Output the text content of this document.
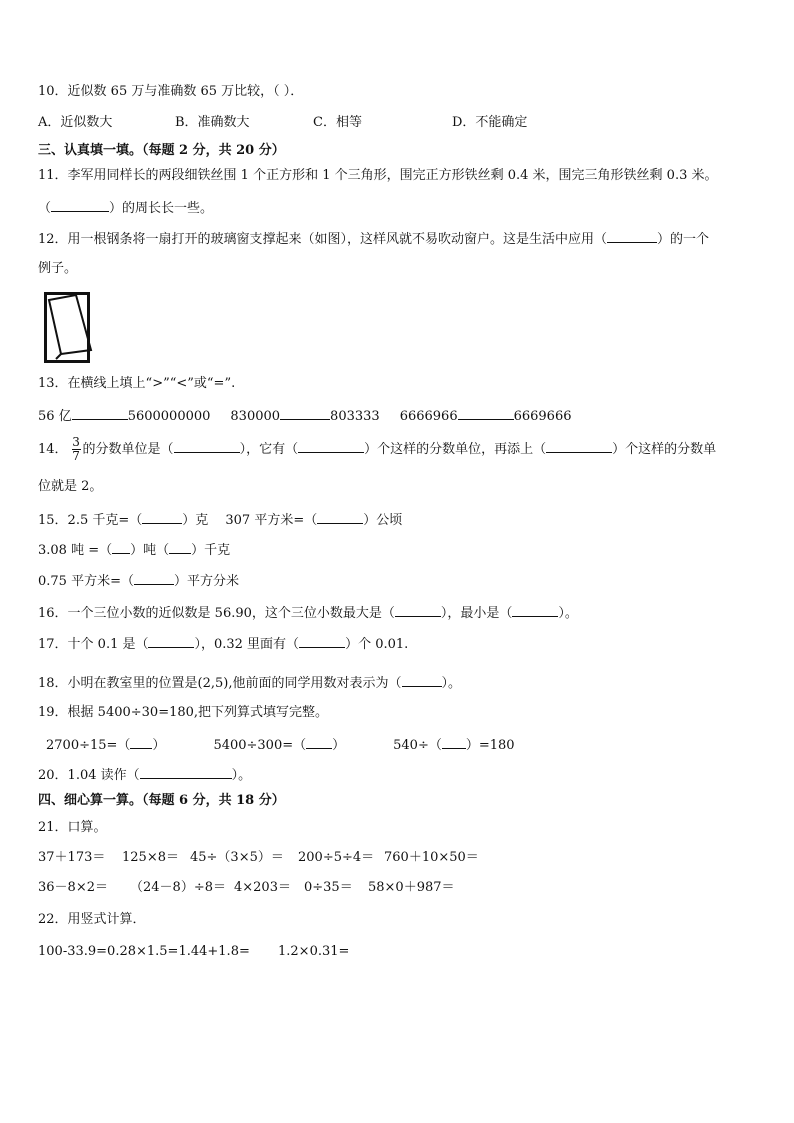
10．近似数 65 万与准确数 65 万比较，（ ）．
A．近似数大	B．准确数大	C．相等	D．不能确定
三、认真填一填。（每题 2 分，共 20 分）
11．李军用同样长的两段细铁丝围 1 个正方形和 1 个三角形，围完正方形铁丝剩 0.4 米，围完三角形铁丝剩 0.3 米。
（	）的周长长一些。
12．用一根钢条将一扇打开的玻璃窗支撑起来（如图），这样风就不易吹动窗户。这是生活中应用（	）的一个
例子。
13．在横线上填上“>”“<”或“=”.
56 亿	5600000000 830000	803333 6666966	6669666
14． $\frac{3}{7}$ 的分数单位是（	），它有（	）个这样的分数单位，再添上（	）个这样的分数单
位就是 2。
15．2.5 千克=（	）克　 307 平方米=（	）公顷
3.08 吨 =（ ）吨（ ）千克
0.75 平方米=（	）平方分米
16．一个三位小数的近似数是 56.90，这个三位小数最大是（	），最小是（	）。
17．十个 0.1 是（	），0.32 里面有（	）个 0.01.
18．小明在教室里的位置是(2,5),他前面的同学用数对表示为（	）。
19．根据 5400÷30=180,把下列算式填写完整。
2700÷15=（ ）	5400÷300=（ ）	540÷（ ）=180
20．1.04 读作（	）。
四、细心算一算。（每题 6 分，共 18 分）
21．口算。
37＋173＝ 125×8＝ 45÷（3×5）＝ 200÷5÷4＝ 760＋10×50＝
36－8×2＝ （24－8）÷8＝ 4×203＝ 0÷35＝ 58×0＋987＝
22．用竖式计算．
100-33.9=0.28×1.5=1.44+1.8= 1.2×0.31=
